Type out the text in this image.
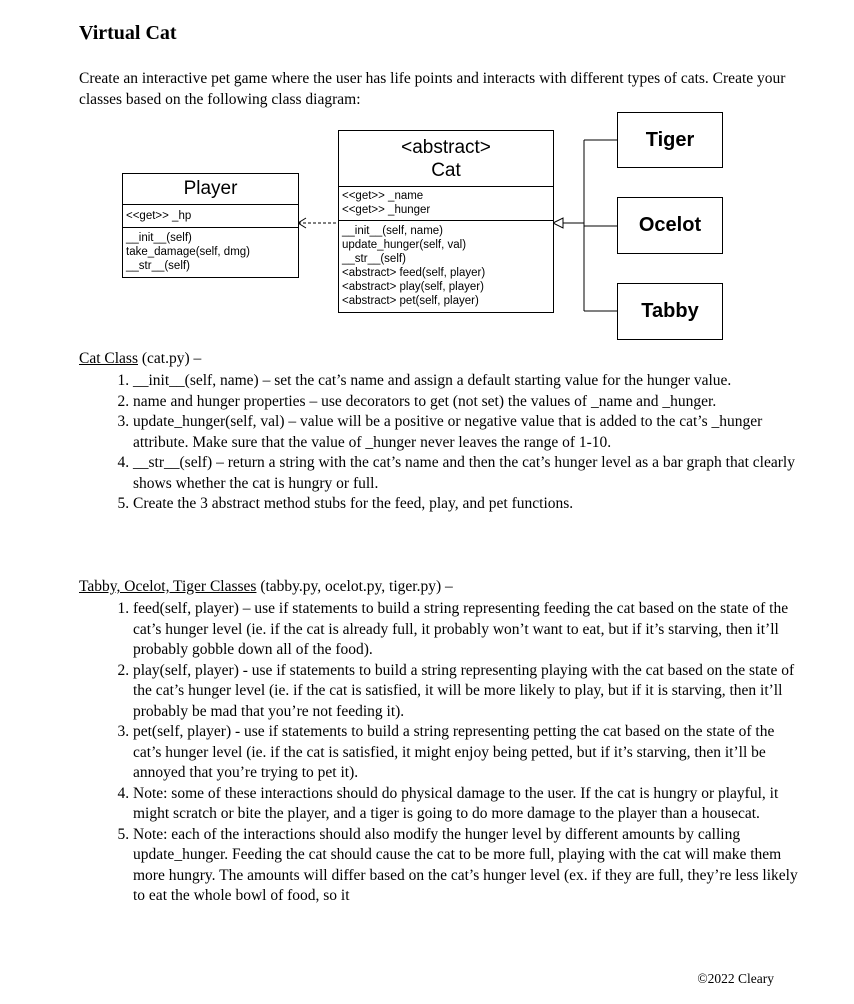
Virtual Cat
Create an interactive pet game where the user has life points and interacts with different types of cats. Create your classes based on the following class diagram:
Player
<<get>> _hp
__init__(self)
take_damage(self, dmg)
__str__(self)
<abstract>
Cat
<<get>> _name
<<get>> _hunger
__init__(self, name)
update_hunger(self, val)
__str__(self)
<abstract> feed(self, player)
<abstract> play(self, player)
<abstract> pet(self, player)
Tiger
Ocelot
Tabby
Cat Class (cat.py) –
1. __init__(self, name) – set the cat’s name and assign a default starting value for the hunger value.
2. name and hunger properties – use decorators to get (not set) the values of _name and _hunger.
3. update_hunger(self, val) – value will be a positive or negative value that is added to the cat’s _hunger attribute. Make sure that the value of _hunger never leaves the range of 1-10.
4. __str__(self) – return a string with the cat’s name and then the cat’s hunger level as a bar graph that clearly shows whether the cat is hungry or full.
5. Create the 3 abstract method stubs for the feed, play, and pet functions.
Tabby, Ocelot, Tiger Classes (tabby.py, ocelot.py, tiger.py) –
1. feed(self, player) – use if statements to build a string representing feeding the cat based on the state of the cat’s hunger level (ie. if the cat is already full, it probably won’t want to eat, but if it’s starving, then it’ll probably gobble down all of the food).
2. play(self, player) - use if statements to build a string representing playing with the cat based on the state of the cat’s hunger level (ie. if the cat is satisfied, it will be more likely to play, but if it is starving, then it’ll probably be mad that you’re not feeding it).
3. pet(self, player) - use if statements to build a string representing petting the cat based on the state of the cat’s hunger level (ie. if the cat is satisfied, it might enjoy being petted, but if it’s starving, then it’ll be annoyed that you’re trying to pet it).
4. Note: some of these interactions should do physical damage to the user. If the cat is hungry or playful, it might scratch or bite the player, and a tiger is going to do more damage to the player than a housecat.
5. Note: each of the interactions should also modify the hunger level by different amounts by calling update_hunger. Feeding the cat should cause the cat to be more full, playing with the cat will make them more hungry. The amounts will differ based on the cat’s hunger level (ex. if they are full, they’re less likely to eat the whole bowl of food, so it
©2022 Cleary
